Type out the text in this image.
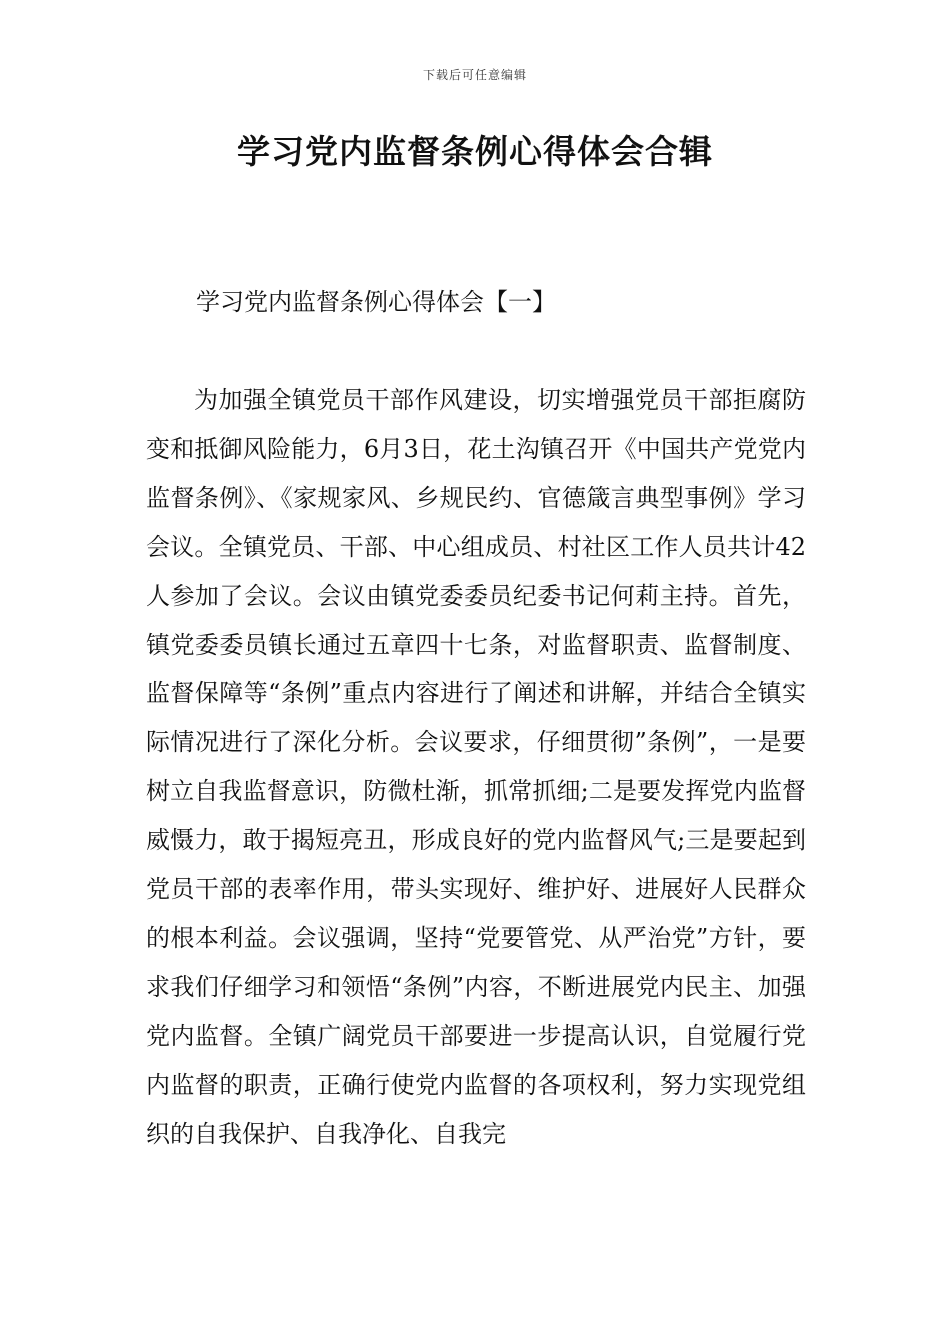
下载后可任意编辑
学习党内监督条例心得体会合辑
学习党内监督条例心得体会【一】

为加强全镇党员干部作风建设，切实增强党员干部拒腐防变和抵御风险能力，6月3日，花土沟镇召开《中国共产党党内监督条例》、《家规家风、乡规民约、官德箴言典型事例》学习会议。全镇党员、干部、中心组成员、村社区工作人员共计42人参加了会议。会议由镇党委委员纪委书记何莉主持。首先，镇党委委员镇长通过五章四十七条，对监督职责、监督制度、监督保障等“条例”重点内容进行了阐述和讲解，并结合全镇实际情况进行了深化分析。会议要求，仔细贯彻”条例”，一是要树立自我监督意识，防微杜渐，抓常抓细;二是要发挥党内监督威慑力，敢于揭短亮丑，形成良好的党内监督风气;三是要起到党员干部的表率作用，带头实现好、维护好、进展好人民群众的根本利益。会议强调，坚持“党要管党、从严治党”方针，要求我们仔细学习和领悟“条例”内容，不断进展党内民主、加强党内监督。全镇广阔党员干部要进一步提高认识，自觉履行党内监督的职责，正确行使党内监督的各项权利，努力实现党组织的自我保护、自我净化、自我完
